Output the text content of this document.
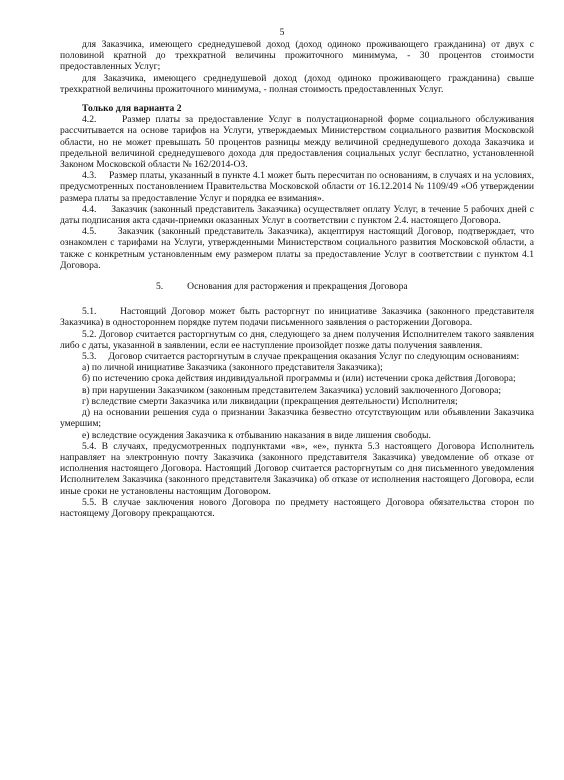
5

для Заказчика, имеющего среднедушевой доход (доход одиноко проживающего гражданина) от двух с половиной кратной до трехкратной величины прожиточного минимума, - 30 процентов стоимости предоставленных Услуг;

для Заказчика, имеющего среднедушевой доход (доход одиноко проживающего гражданина) свыше трехкратной величины прожиточного минимума, - полная стоимость предоставленных Услуг.

Только для варианта 2

4.2.     Размер платы за предоставление Услуг в полустационарной форме социального обслуживания рассчитывается на основе тарифов на Услуги, утверждаемых Министерством социального развития Московской области, но не может превышать 50 процентов разницы между величиной среднедушевого дохода Заказчика и предельной величиной среднедушевого дохода для предоставления социальных услуг бесплатно, установленной Законом Московской области № 162/2014-ОЗ.

4.3.     Размер платы, указанный в пункте 4.1 может быть пересчитан по основаниям, в случаях и на условиях, предусмотренных постановлением Правительства Московской области от 16.12.2014 № 1109/49 «Об утверждении размера платы за предоставление Услуг и порядка ее взимания».

4.4.     Заказчик (законный представитель Заказчика) осуществляет оплату Услуг, в течение 5 рабочих дней с даты подписания акта сдачи-приемки оказанных Услуг в соответствии с пунктом 2.4. настоящего Договора.

4.5.     Заказчик (законный представитель Заказчика), акцептируя настоящий Договор, подтверждает, что ознакомлен с тарифами на Услуги, утвержденными Министерством социального развития Московской области, а также с конкретным установленным ему размером платы за предоставление Услуг в соответствии с пунктом 4.1 Договора.

5.          Основания для расторжения и прекращения Договора

5.1.     Настоящий Договор может быть расторгнут по инициативе Заказчика (законного представителя Заказчика) в одностороннем порядке путем подачи письменного заявления о расторжении Договора.

5.2. Договор считается расторгнутым со дня, следующего за днем получения Исполнителем такого заявления либо с даты, указанной в заявлении, если ее наступление произойдет позже даты получения заявления.

5.3.     Договор считается расторгнутым в случае прекращения оказания Услуг по следующим основаниям:

а) по личной инициативе Заказчика (законного представителя Заказчика);

б) по истечению срока действия индивидуальной программы и (или) истечении срока действия Договора;

в) при нарушении Заказчиком (законным представителем Заказчика) условий заключенного Договора;

г) вследствие смерти Заказчика или ликвидации (прекращения деятельности) Исполнителя;

д) на основании решения суда о признании Заказчика безвестно отсутствующим или объявлении Заказчика умершим;

е) вследствие осуждения Заказчика к отбыванию наказания в виде лишения свободы.

5.4. В случаях, предусмотренных подпунктами «в», «е», пункта 5.3 настоящего Договора Исполнитель направляет на электронную почту Заказчика (законного представителя Заказчика) уведомление об отказе от исполнения настоящего Договора. Настоящий Договор считается расторгнутым со дня письменного уведомления Исполнителем Заказчика (законного представителя Заказчика) об отказе от исполнения настоящего Договора, если иные сроки не установлены настоящим Договором.

5.5. В случае заключения нового Договора по предмету настоящего Договора обязательства сторон по настоящему Договору прекращаются.
